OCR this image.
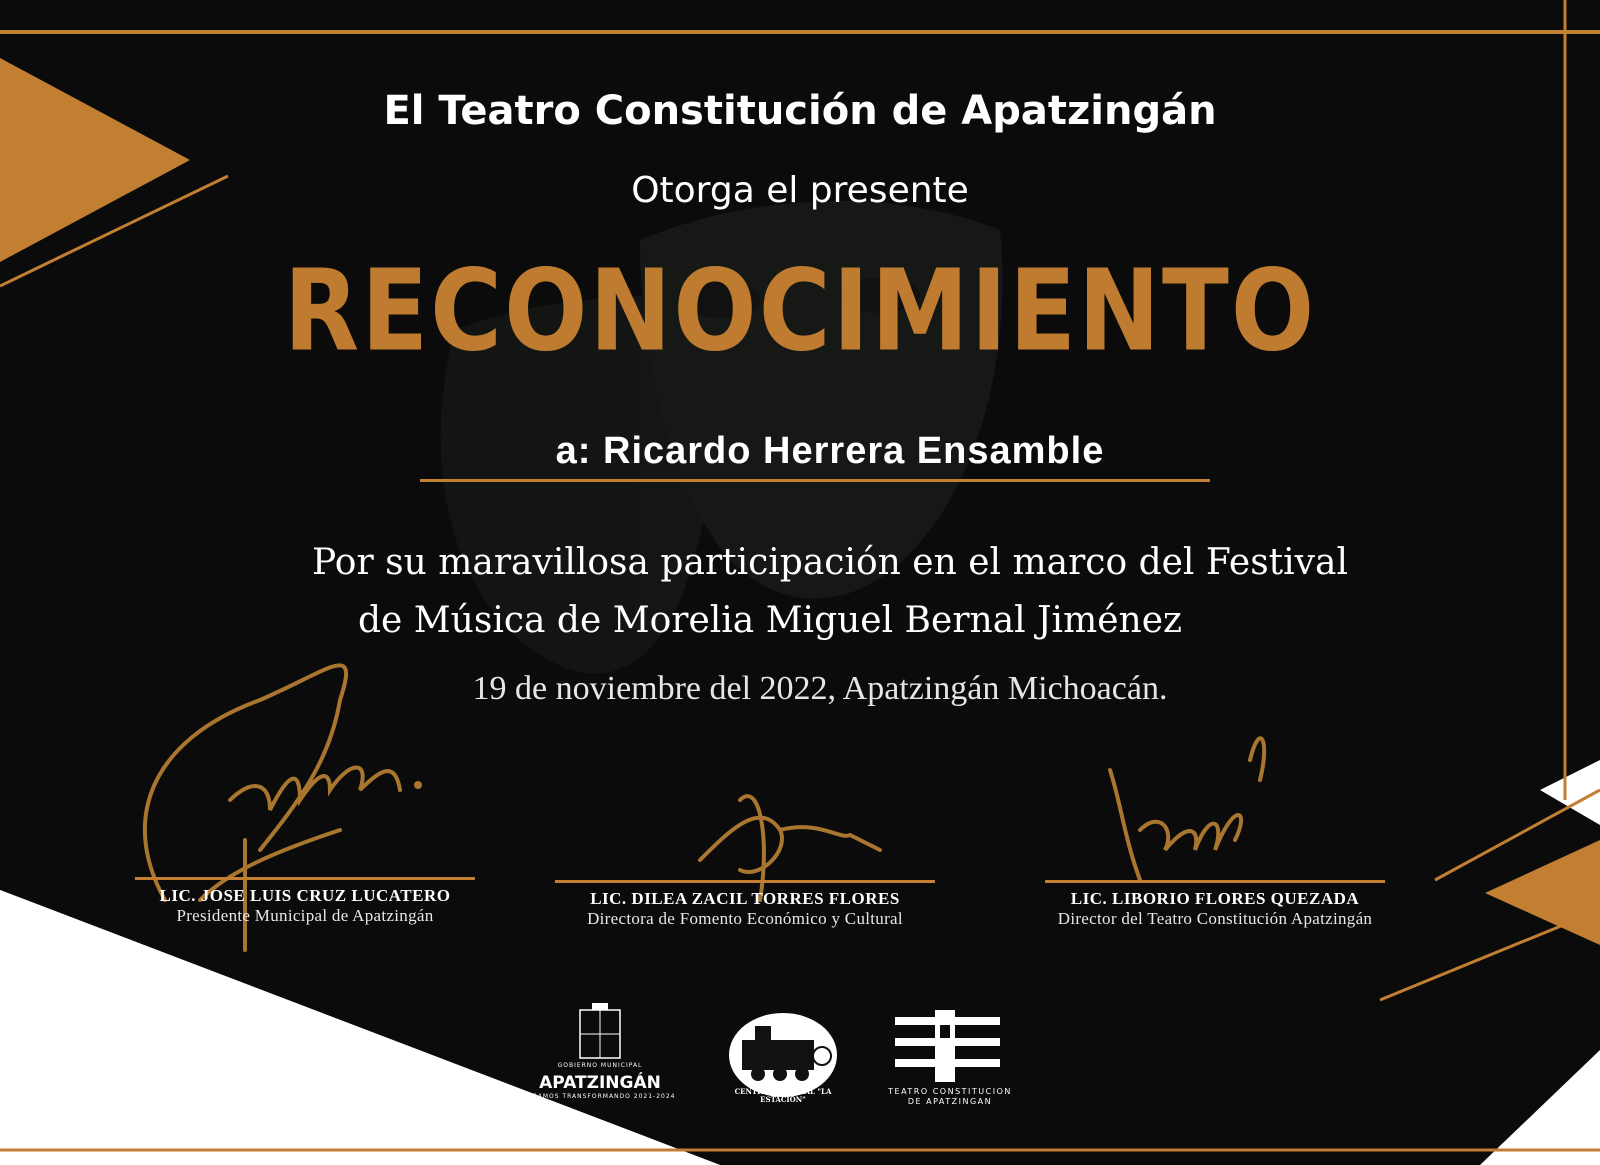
El Teatro Constitución de Apatzingán

Otorga el presente

RECONOCIMIENTO

a: Ricardo Herrera Ensamble

Por su maravillosa participación en el marco del Festival

de Música de Morelia Miguel Bernal Jiménez

19 de noviembre del 2022, Apatzingán Michoacán.

LIC. JOSE LUIS CRUZ LUCATERO
Presidente Municipal de Apatzingán
LIC. DILEA ZACIL TORRES FLORES
Directora de Fomento Económico y Cultural
LIC. LIBORIO FLORES QUEZADA
Director del Teatro Constitución Apatzingán

GOBIERNO MUNICIPAL

APATZINGÁN

SIGAMOS TRANSFORMANDO 2021-2024

CENTRO CULTURAL "LA ESTACION"

TEATRO CONSTITUCION DE APATZINGAN
